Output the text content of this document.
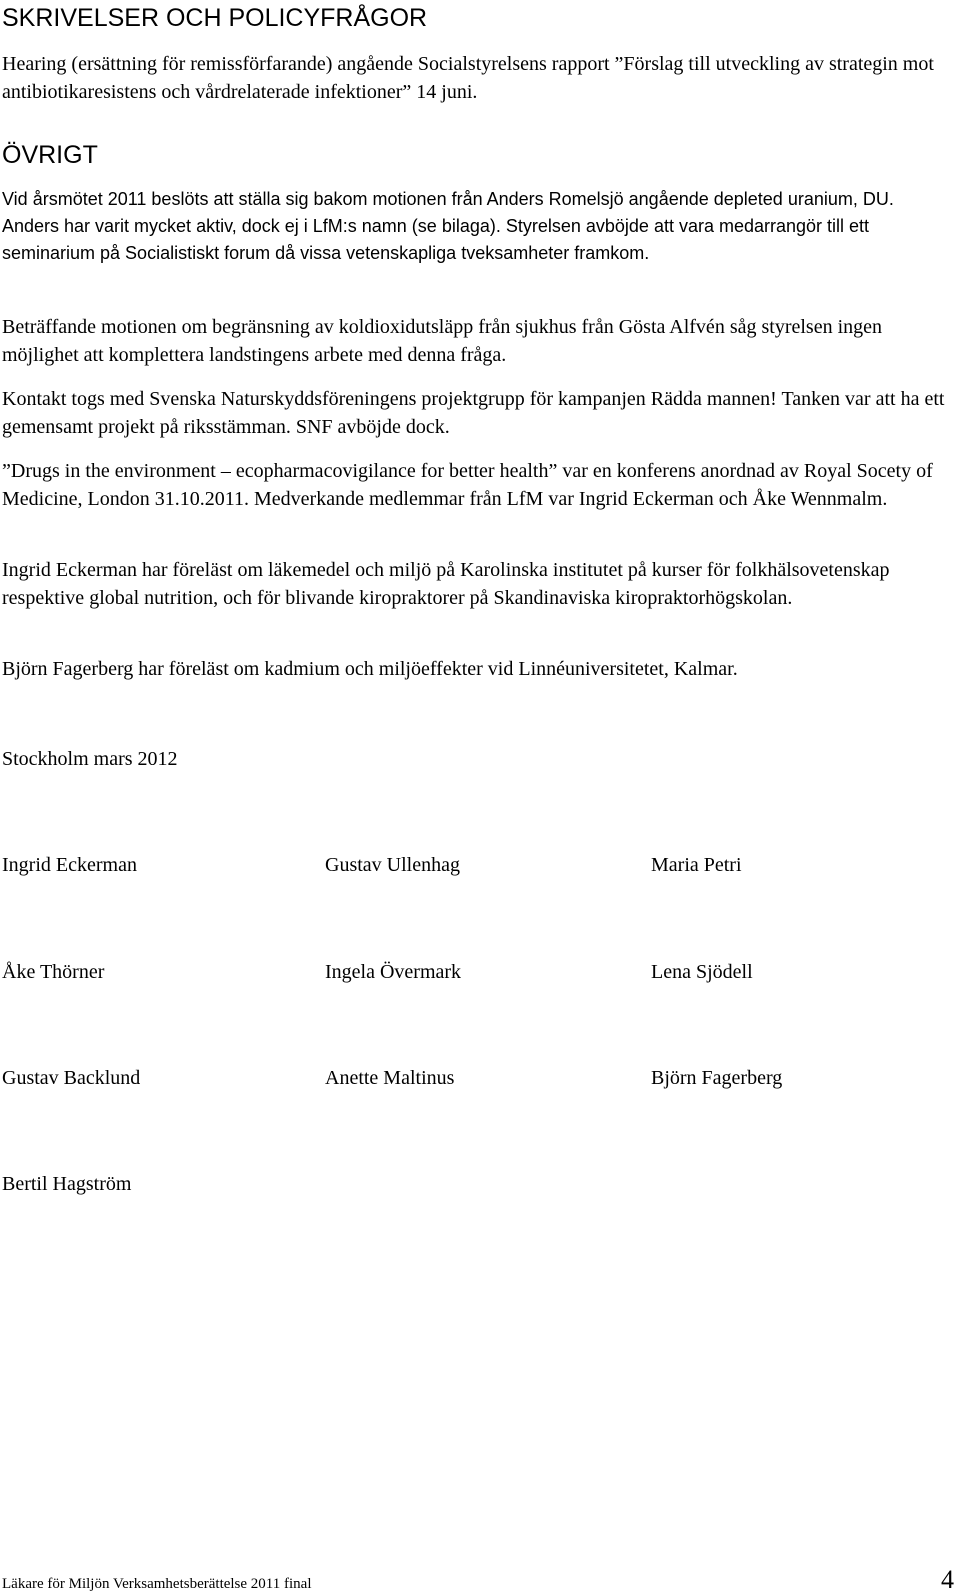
SKRIVELSER OCH POLICYFRÅGOR

Hearing (ersättning för remissförfarande) angående Socialstyrelsens rapport ”Förslag till utveckling av strategin mot antibiotikaresistens och vårdrelaterade infektioner” 14 juni.

ÖVRIGT

Vid årsmötet 2011 beslöts att ställa sig bakom motionen från Anders Romelsjö angående depleted uranium, DU. Anders har varit mycket aktiv, dock ej i LfM:s namn (se bilaga). Styrelsen avböjde att vara medarrangör till ett seminarium på Socialistiskt forum då vissa vetenskapliga tveksamheter framkom.

Beträffande motionen om begränsning av koldioxidutsläpp från sjukhus från Gösta Alfvén såg styrelsen ingen möjlighet att komplettera landstingens arbete med denna fråga.

Kontakt togs med Svenska Naturskyddsföreningens projektgrupp för kampanjen Rädda mannen! Tanken var att ha ett gemensamt projekt på riksstämman. SNF avböjde dock.

”Drugs in the environment – ecopharmacovigilance for better health” var en konferens anordnad av Royal Socety of Medicine, London 31.10.2011. Medverkande medlemmar från LfM var Ingrid Eckerman och Åke Wennmalm.

Ingrid Eckerman har föreläst om läkemedel och miljö på Karolinska institutet på kurser för folkhälsovetenskap respektive global nutrition, och för blivande kiropraktorer på Skandinaviska kiropraktorhögskolan.

Björn Fagerberg har föreläst om kadmium och miljöeffekter vid Linnéuniversitetet, Kalmar.

Stockholm mars 2012

Ingrid Eckerman	Gustav Ullenhag	Maria Petri

Åke Thörner	Ingela Övermark	Lena Sjödell

Gustav Backlund	Anette Maltinus	Björn Fagerberg

Bertil Hagström

Läkare för Miljön Verksamhetsberättelse 2011 final	4
